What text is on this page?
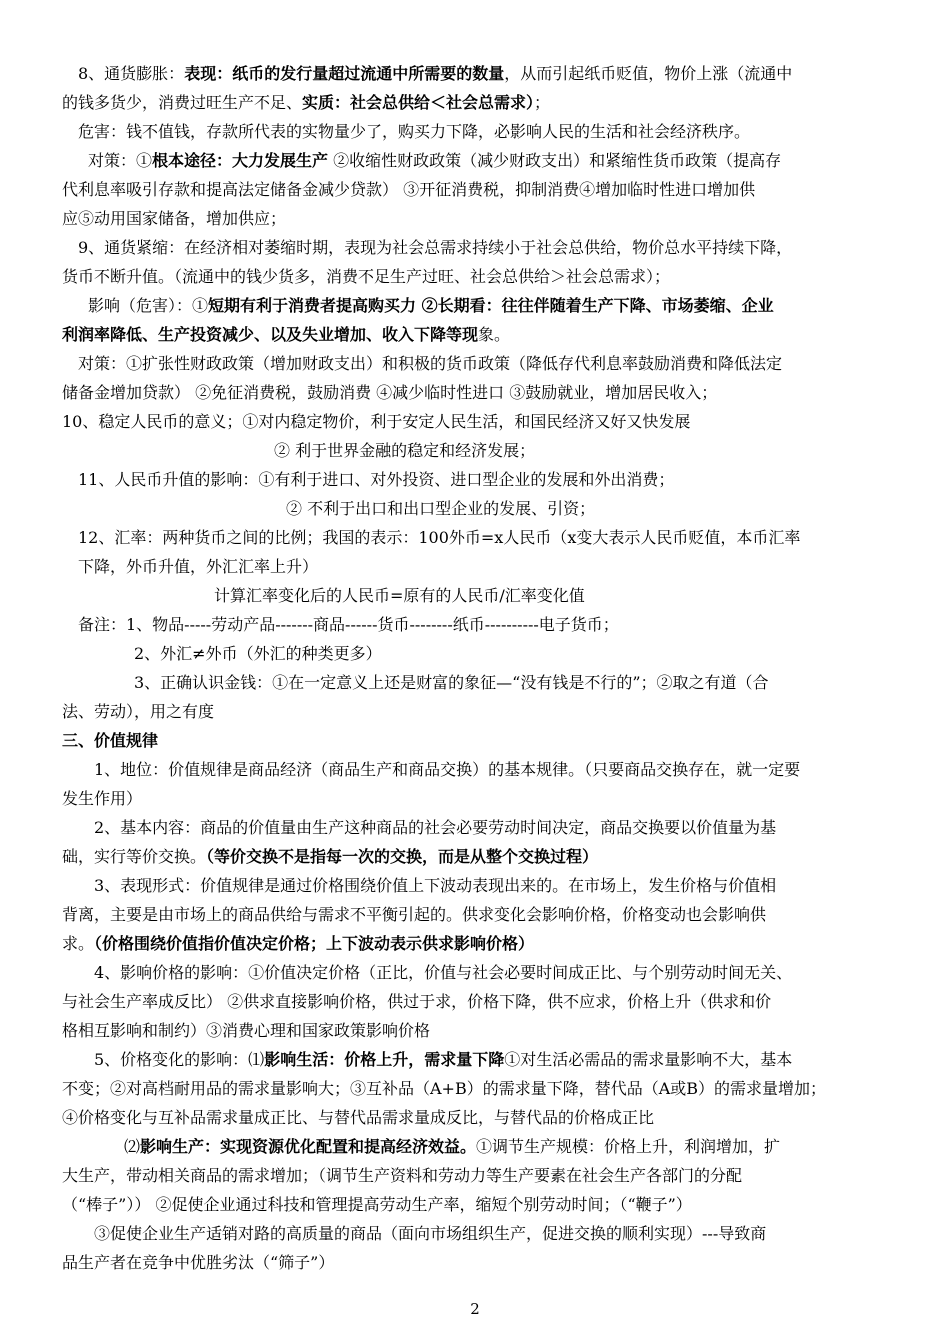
8、通货膨胀：表现：纸币的发行量超过流通中所需要的数量，从而引起纸币贬值，物价上涨（流通中
的钱多货少，消费过旺生产不足、实质：社会总供给＜社会总需求）；
危害：钱不值钱，存款所代表的实物量少了，购买力下降，必影响人民的生活和社会经济秩序。
对策：①根本途径：大力发展生产 ②收缩性财政政策（减少财政支出）和紧缩性货币政策（提高存
代利息率吸引存款和提高法定储备金减少贷款） ③开征消费税，抑制消费④增加临时性进口增加供
应⑤动用国家储备，增加供应；
9、通货紧缩：在经济相对萎缩时期，表现为社会总需求持续小于社会总供给，物价总水平持续下降，
货币不断升值。（流通中的钱少货多，消费不足生产过旺、社会总供给＞社会总需求）；
影响（危害）：①短期有利于消费者提高购买力 ②长期看：往往伴随着生产下降、市场萎缩、企业
利润率降低、生产投资减少、以及失业增加、收入下降等现象。
对策：①扩张性财政政策（增加财政支出）和积极的货币政策（降低存代利息率鼓励消费和降低法定
储备金增加贷款） ②免征消费税，鼓励消费 ④减少临时性进口 ③鼓励就业，增加居民收入；
10、稳定人民币的意义；①对内稳定物价，利于安定人民生活，和国民经济又好又快发展
② 利于世界金融的稳定和经济发展；
11、人民币升值的影响：①有利于进口、对外投资、进口型企业的发展和外出消费；
② 不利于出口和出口型企业的发展、引资；
12、汇率：两种货币之间的比例；我国的表示：100外币=x人民币（x变大表示人民币贬值，本币汇率
下降，外币升值，外汇汇率上升）
计算汇率变化后的人民币=原有的人民币/汇率变化值
备注：1、物品-----劳动产品-------商品------货币--------纸币----------电子货币；
2、外汇≠外币（外汇的种类更多）
3、正确认识金钱：①在一定意义上还是财富的象征—“没有钱是不行的”；②取之有道（合
法、劳动），用之有度
三、价值规律
1、地位：价值规律是商品经济（商品生产和商品交换）的基本规律。（只要商品交换存在，就一定要
发生作用）
2、基本内容：商品的价值量由生产这种商品的社会必要劳动时间决定，商品交换要以价值量为基
础，实行等价交换。（等价交换不是指每一次的交换，而是从整个交换过程）
3、表现形式：价值规律是通过价格围绕价值上下波动表现出来的。在市场上，发生价格与价值相
背离，主要是由市场上的商品供给与需求不平衡引起的。供求变化会影响价格，价格变动也会影响供
求。（价格围绕价值指价值决定价格；上下波动表示供求影响价格）
4、影响价格的影响：①价值决定价格（正比，价值与社会必要时间成正比、与个别劳动时间无关、
与社会生产率成反比） ②供求直接影响价格，供过于求，价格下降，供不应求，价格上升（供求和价
格相互影响和制约）③消费心理和国家政策影响价格
5、价格变化的影响：⑴影响生活：价格上升，需求量下降①对生活必需品的需求量影响不大，基本
不变；②对高档耐用品的需求量影响大；③互补品（A+B）的需求量下降，替代品（A或B）的需求量增加；
④价格变化与互补品需求量成正比、与替代品需求量成反比，与替代品的价格成正比
⑵影响生产：实现资源优化配置和提高经济效益。①调节生产规模：价格上升，利润增加，扩
大生产，带动相关商品的需求增加；（调节生产资料和劳动力等生产要素在社会生产各部门的分配
（“棒子”）） ②促使企业通过科技和管理提高劳动生产率，缩短个别劳动时间；（“鞭子”）
③促使企业生产适销对路的高质量的商品（面向市场组织生产，促进交换的顺利实现）---导致商
品生产者在竞争中优胜劣汰（“筛子”）
2
